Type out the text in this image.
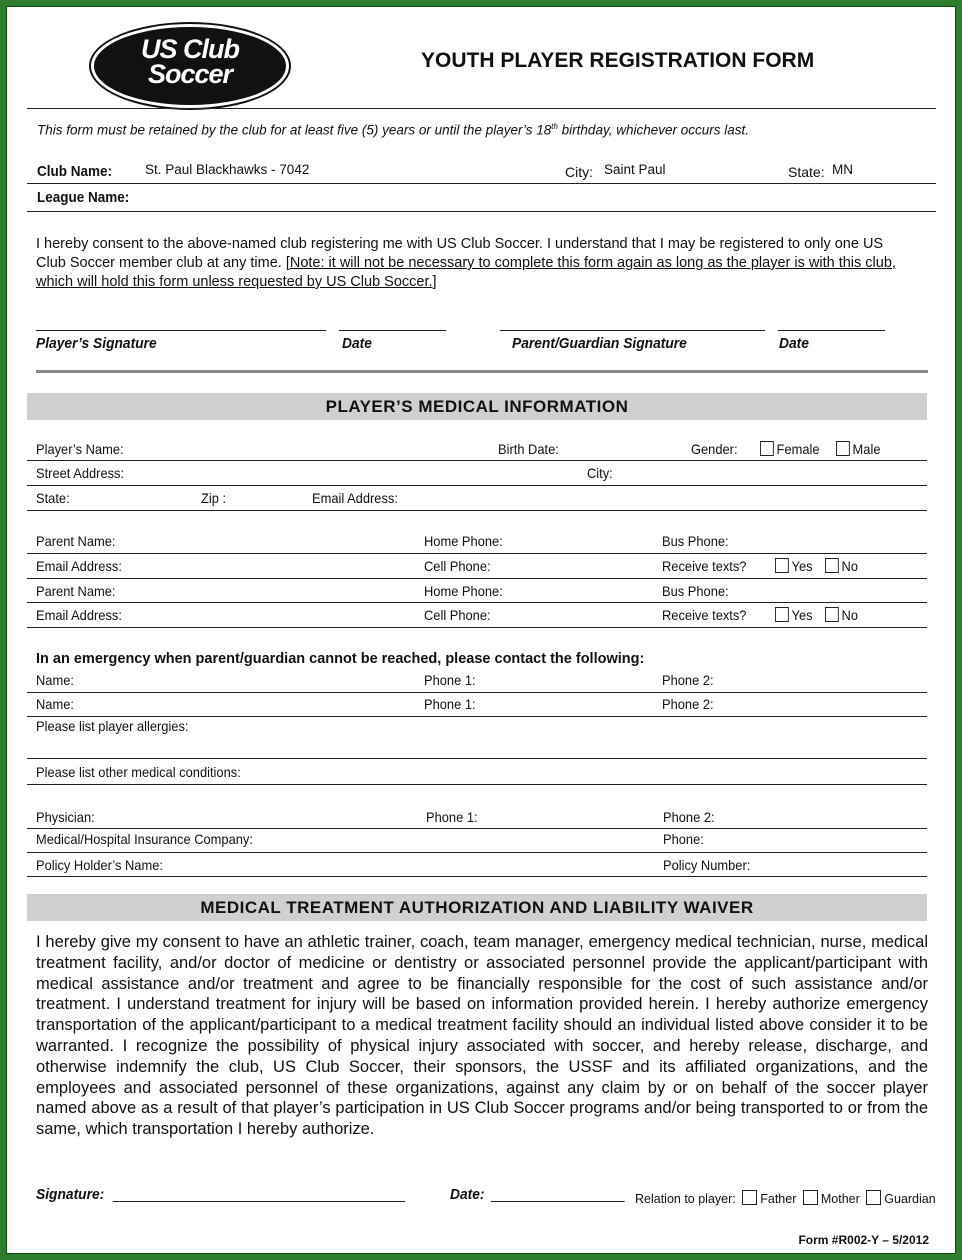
US Club
Soccer	YOUTH PLAYER REGISTRATION FORM
This form must be retained by the club for at least five (5) years or until the player’s 18th birthday, whichever occurs last.
Club Name: St. Paul Blackhawks - 7042	City: Saint Paul	State: MN
League Name:
I hereby consent to the above-named club registering me with US Club Soccer. I understand that I may be registered to only one US Club Soccer member club at any time. [Note: it will not be necessary to complete this form again as long as the player is with this club, which will hold this form unless requested by US Club Soccer.]
Player’s Signature	Date	Parent/Guardian Signature	Date
PLAYER’S MEDICAL INFORMATION
Player’s Name:	Birth Date:	Gender:	Female	Male
Street Address:	City:
State:	Zip :	Email Address:
Parent Name:	Home Phone:	Bus Phone:
Email Address:	Cell Phone:	Receive texts?	Yes	No
Parent Name:	Home Phone:	Bus Phone:
Email Address:	Cell Phone:	Receive texts?	Yes	No
In an emergency when parent/guardian cannot be reached, please contact the following:
Name:	Phone 1:	Phone 2:
Name:	Phone 1:	Phone 2:
Please list player allergies:
Please list other medical conditions:
Physician:	Phone 1:	Phone 2:
Medical/Hospital Insurance Company:	Phone:
Policy Holder’s Name:	Policy Number:
MEDICAL TREATMENT AUTHORIZATION AND LIABILITY WAIVER
I hereby give my consent to have an athletic trainer, coach, team manager, emergency medical technician, nurse, medical treatment facility, and/or doctor of medicine or dentistry or associated personnel provide the applicant/participant with medical assistance and/or treatment and agree to be financially responsible for the cost of such assistance and/or treatment. I understand treatment for injury will be based on information provided herein. I hereby authorize emergency transportation of the applicant/participant to a medical treatment facility should an individual listed above consider it to be warranted. I recognize the possibility of physical injury associated with soccer, and hereby release, discharge, and otherwise indemnify the club, US Club Soccer, their sponsors, the USSF and its affiliated organizations, and the employees and associated personnel of these organizations, against any claim by or on behalf of the soccer player named above as a result of that player’s participation in US Club Soccer programs and/or being transported to or from the same, which transportation I hereby authorize.
Signature: ___________________________________	Date: ________________ Relation to player: Father Mother Guardian
Form #R002-Y – 5/2012
